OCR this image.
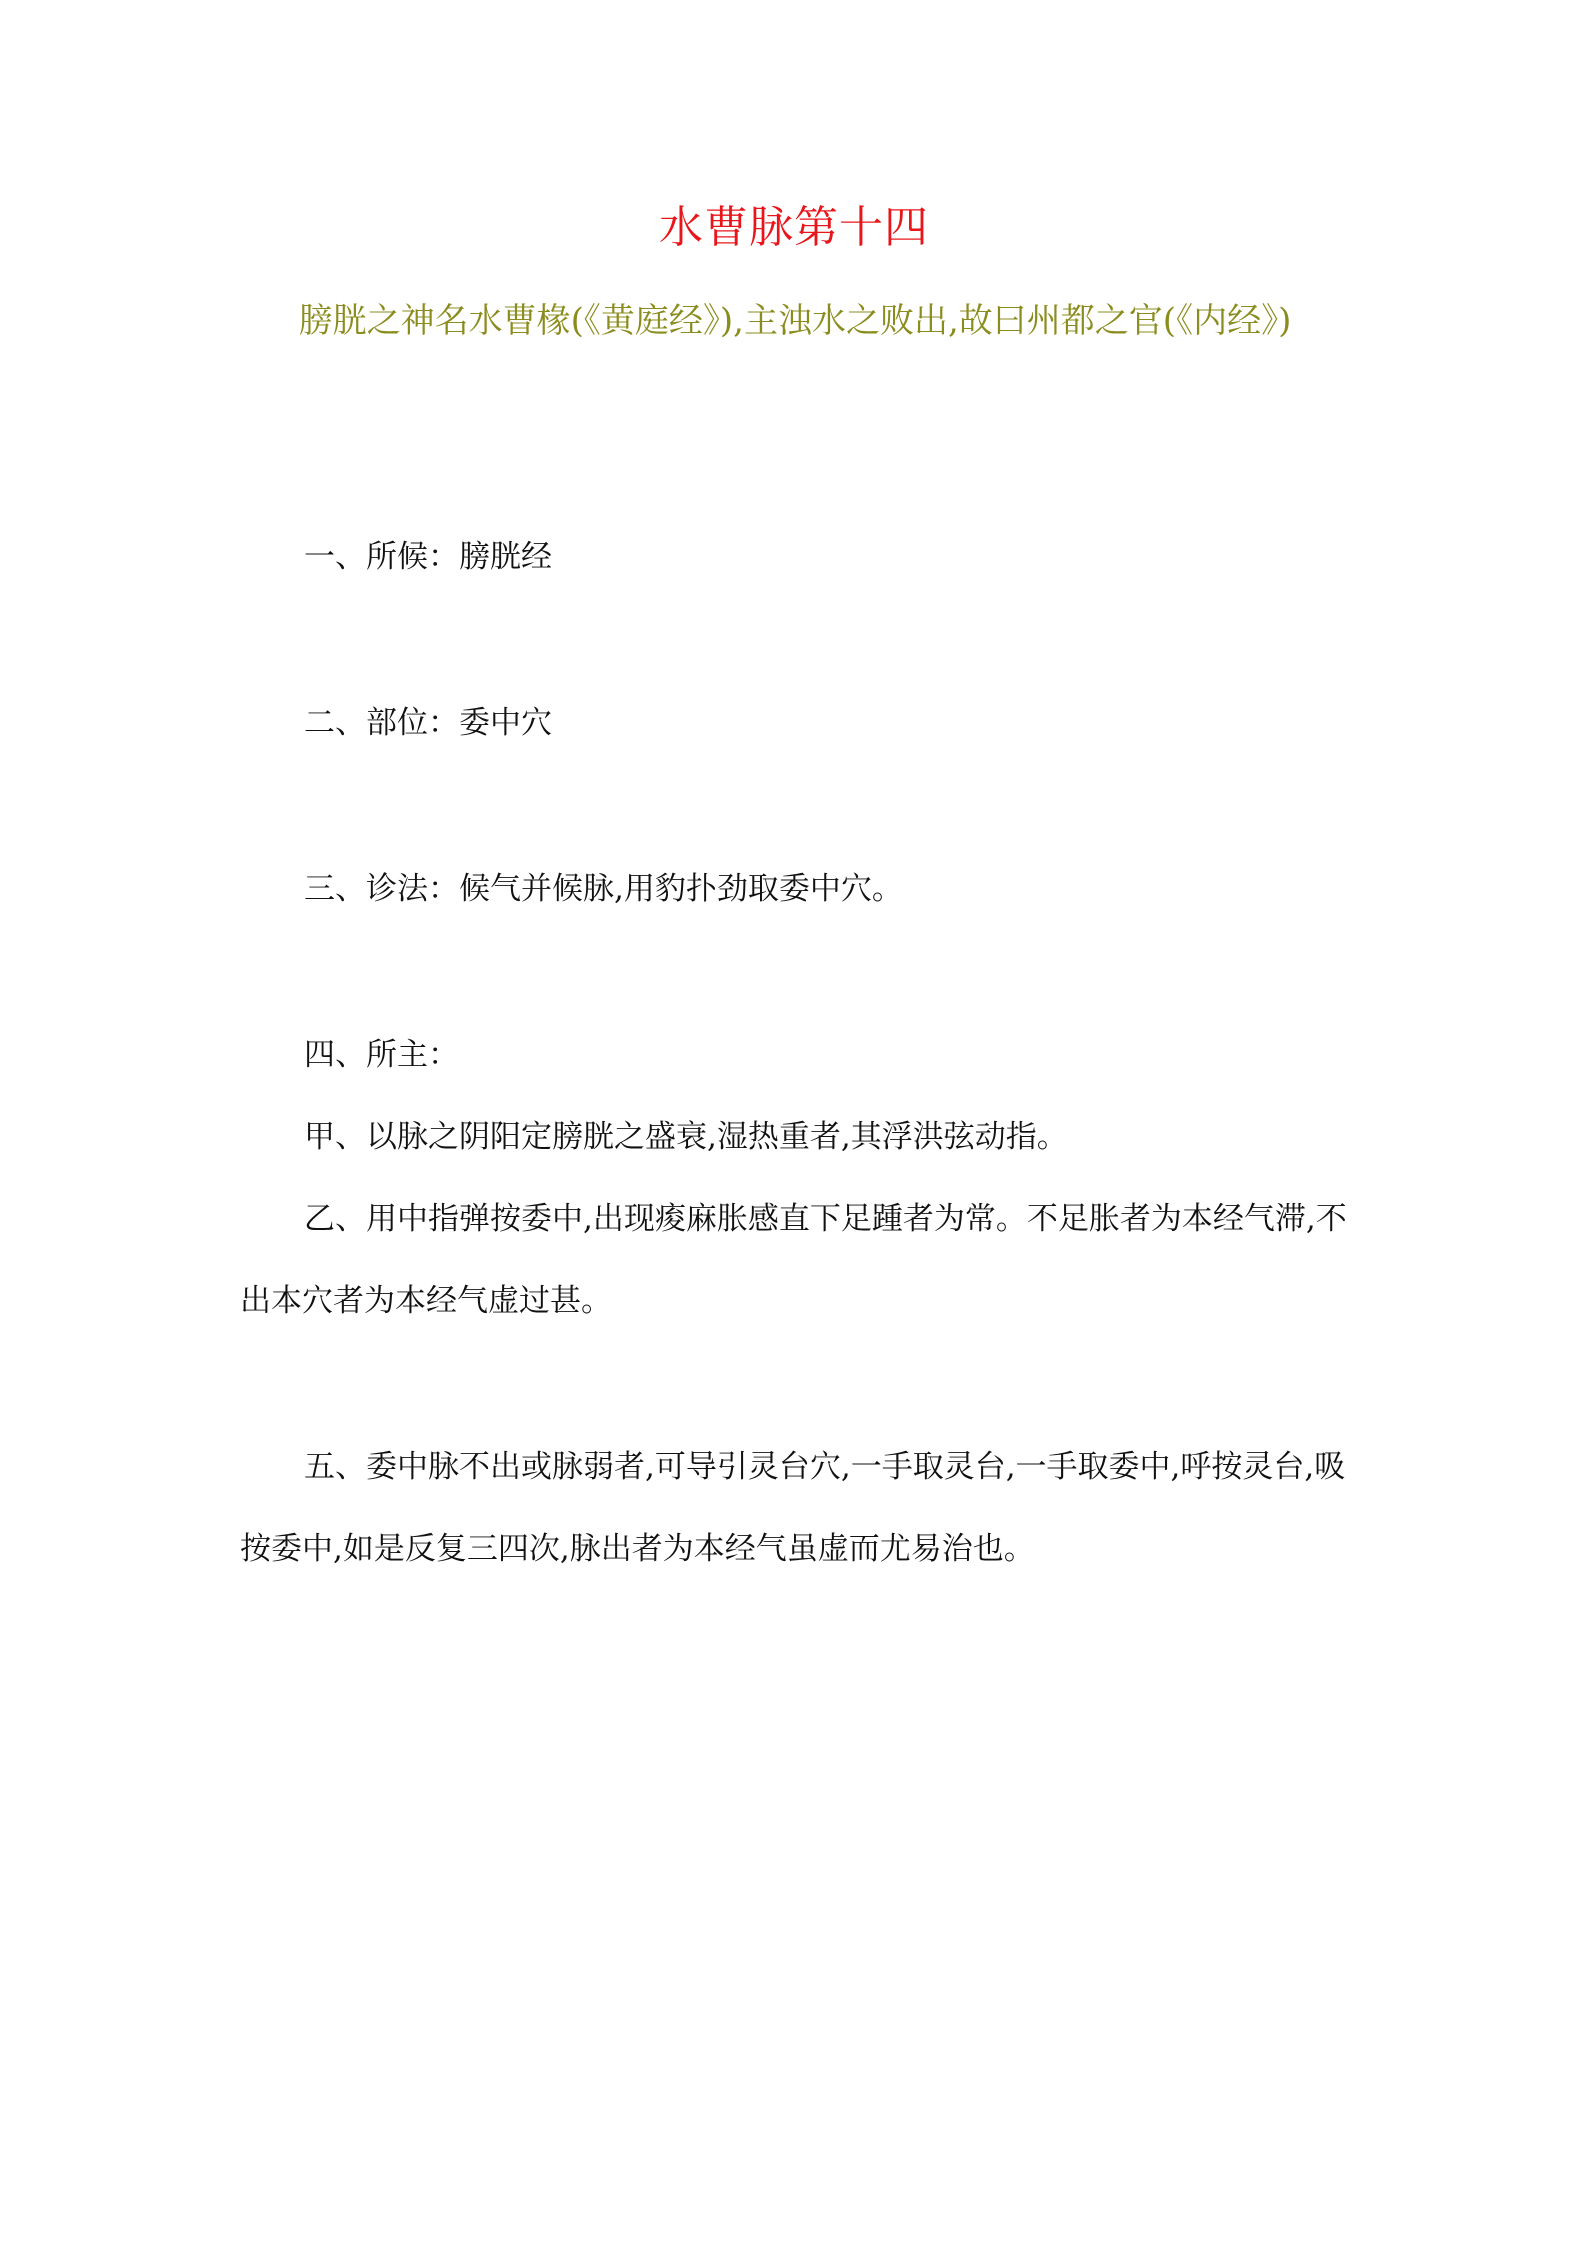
水曹脉第十四
膀胱之神名水曹椽(《黄庭经》),主浊水之败出,故曰州都之官(《内经》)
一、所候：膀胱经
二、部位：委中穴
三、诊法：候气并候脉,用豹扑劲取委中穴。
四、所主：
甲、以脉之阴阳定膀胱之盛衰,湿热重者,其浮洪弦动指。
乙、用中指弹按委中,出现痠麻胀感直下足踵者为常。不足胀者为本经气滞,不出本穴者为本经气虚过甚。
五、委中脉不出或脉弱者,可导引灵台穴,一手取灵台,一手取委中,呼按灵台,吸按委中,如是反复三四次,脉出者为本经气虽虚而尤易治也。
